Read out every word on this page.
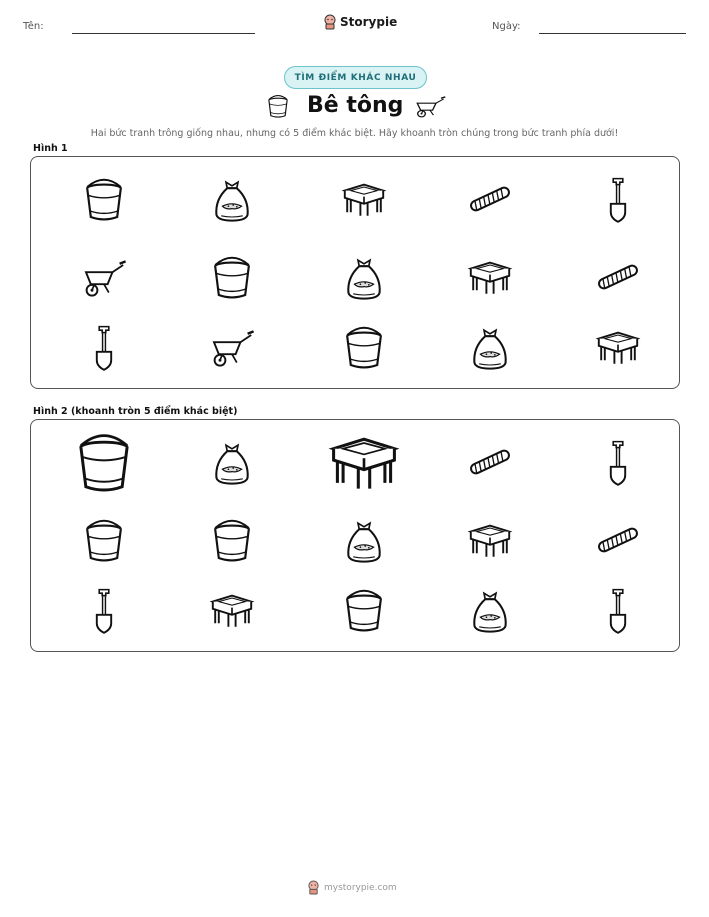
Tên:	Storypie	Ngày:
TÌM ĐIỂM KHÁC NHAU
Bê tông
Hai bức tranh trông giống nhau, nhưng có 5 điểm khác biệt. Hãy khoanh tròn chúng trong bức tranh phía dưới!
Hình 1
Hình 2 (khoanh tròn 5 điểm khác biệt)
mystorypie.com
